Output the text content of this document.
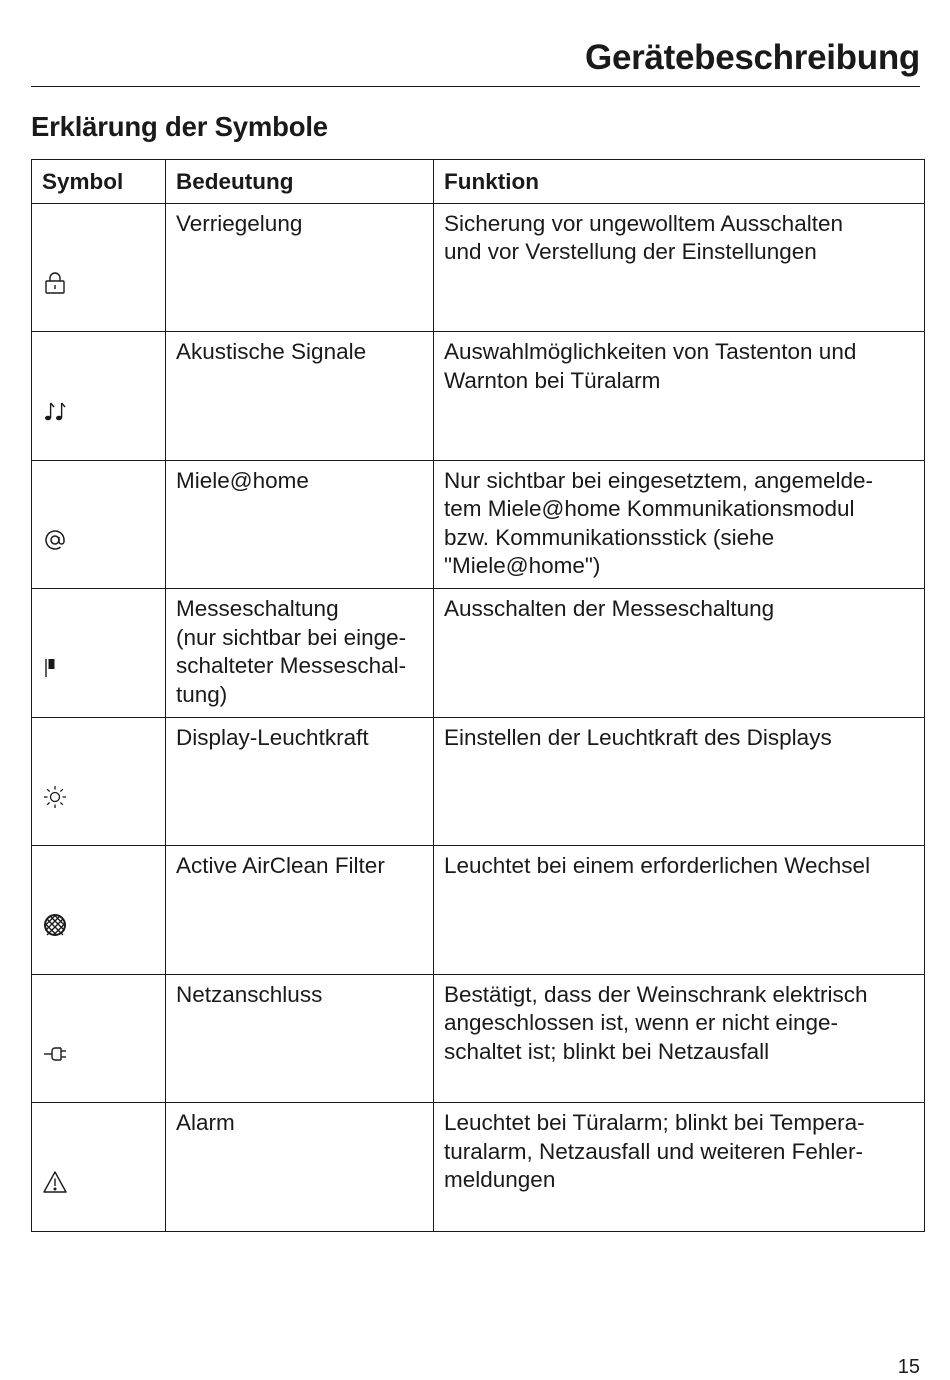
Gerätebeschreibung
Erklärung der Symbole
Symbol	Bedeutung	Funktion

	Verriegelung	Sicherung vor ungewolltem Ausschalten
und vor Verstellung der Einstellungen

	Akustische Signale	Auswahlmöglichkeiten von Tastenton und
Warnton bei Türalarm

	Miele@home	Nur sichtbar bei eingesetztem, angemelde-
tem Miele@home Kommunikationsmodul
bzw. Kommunikationsstick (siehe
"Miele@home")

	Messeschaltung
(nur sichtbar bei einge-
schalteter Messeschal-
tung)	Ausschalten der Messeschaltung

	Display-Leuchtkraft	Einstellen der Leuchtkraft des Displays

	Active AirClean Filter	Leuchtet bei einem erforderlichen Wechsel

	Netzanschluss	Bestätigt, dass der Weinschrank elektrisch
angeschlossen ist, wenn er nicht einge-
schaltet ist; blinkt bei Netzausfall

	Alarm	Leuchtet bei Türalarm; blinkt bei Tempera-
turalarm, Netzausfall und weiteren Fehler-
meldungen
15
